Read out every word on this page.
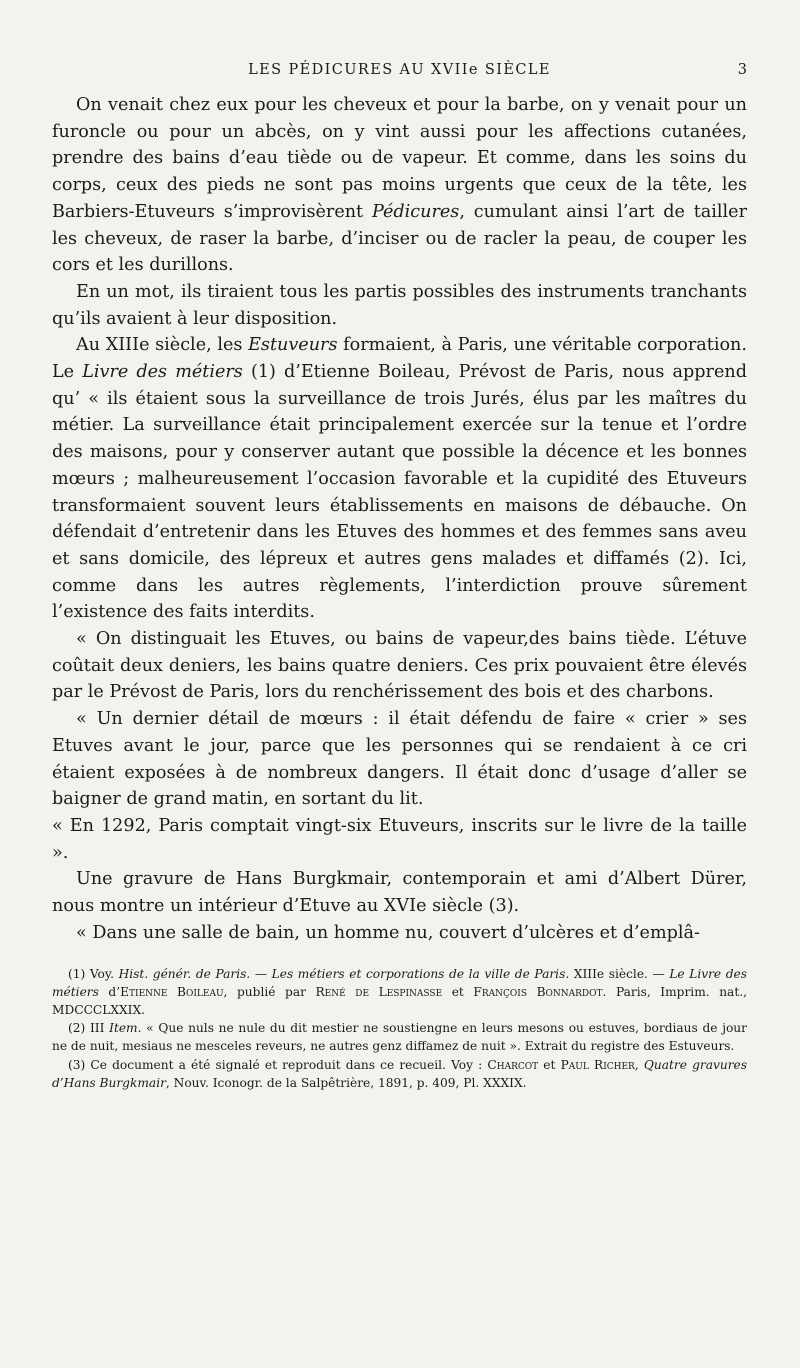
LES PÉDICURES AU XVIIe SIÈCLE	3

On venait chez eux pour les cheveux et pour la barbe, on y venait pour un furoncle ou pour un abcès, on y vint aussi pour les affections cutanées, prendre des bains d’eau tiède ou de vapeur. Et comme, dans les soins du corps, ceux des pieds ne sont pas moins urgents que ceux de la tête, les Barbiers-Etuveurs s’improvisèrent Pédicures, cumulant ainsi l’art de tailler les cheveux, de raser la barbe, d’inciser ou de racler la peau, de couper les cors et les durillons.

En un mot, ils tiraient tous les partis possibles des instruments tranchants qu’ils avaient à leur disposition.

Au XIIIe siècle, les Estuveurs formaient, à Paris, une véritable corporation. Le Livre des métiers (1) d’Etienne Boileau, Prévost de Paris, nous apprend qu’ « ils étaient sous la surveillance de trois Jurés, élus par les maîtres du métier. La surveillance était principalement exercée sur la tenue et l’ordre des maisons, pour y conserver autant que possible la décence et les bonnes mœurs ; malheureusement l’occasion favorable et la cupidité des Etuveurs transformaient souvent leurs établissements en maisons de débauche. On défendait d’entretenir dans les Etuves des hommes et des femmes sans aveu et sans domicile, des lépreux et autres gens malades et diffamés (2). Ici, comme dans les autres règlements, l’interdiction prouve sûrement l’existence des faits interdits.

« On distinguait les Etuves, ou bains de vapeur,des bains tiède. L’étuve coûtait deux deniers, les bains quatre deniers. Ces prix pouvaient être élevés par le Prévost de Paris, lors du renchérissement des bois et des charbons.

« Un dernier détail de mœurs : il était défendu de faire « crier » ses Etuves avant le jour, parce que les personnes qui se rendaient à ce cri étaient exposées à de nombreux dangers. Il était donc d’usage d’aller se baigner de grand matin, en sortant du lit.

« En 1292, Paris comptait vingt-six Etuveurs, inscrits sur le livre de la taille ».

Une gravure de Hans Burgkmair, contemporain et ami d’Albert Dürer, nous montre un intérieur d’Etuve au XVIe siècle (3).

« Dans une salle de bain, un homme nu, couvert d’ulcères et d’emplâ-

(1) Voy. Hist. génér. de Paris. — Les métiers et corporations de la ville de Paris. XIIIe siècle. — Le Livre des métiers d’Etienne Boileau, publié par René de Lespinasse et François Bonnardot. Paris, Imprim. nat., MDCCCLXXIX.

(2) III Item. « Que nuls ne nule du dit mestier ne soustiengne en leurs mesons ou estuves, bordiaus de jour ne de nuit, mesiaus ne mesceles reveurs, ne autres genz diffamez de nuit ». Extrait du registre des Estuveurs.

(3) Ce document a été signalé et reproduit dans ce recueil. Voy : Charcot et Paul Richer, Quatre gravures d’Hans Burgkmair, Nouv. Iconogr. de la Salpêtrière, 1891, p. 409, Pl. XXXIX.
